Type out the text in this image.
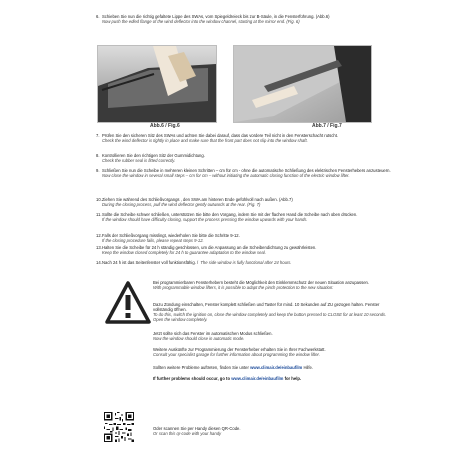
6. Schieben Sie nun die richtig gefaltete Lippe des SWAs, vom Spiegeldreieck bis zur B-Säule, in die Fensterführung. (Abb.6)
Now push the edled flange of the wind deflector into the window channel, starting at the mirror end. (Fig. 6)
Abb.6 / Fig.6	Abb.7 / Fig.7
7. Prüfen Sie den sicheren Sitz des SWAs und achten Sie dabei darauf, dass das vordere Teil nicht in den Fensterschacht rutscht.
Check the wind deflector is tightly in place and make sure that the front part does not slip into the window shaft.
8. Kontrollieren Sie den richtigen Sitz der Gummidichtung.
Check the rubber seal is fitted correctly.
9. Schließen Sie nun die Scheibe in mehreren kleinen Schritten – cm für cm - ohne die automatische Schließung des elektrischen Fensterhebers anzusteuern.
Now close the window in several small steps – cm for cm – without initiating the automatic closing function of the electric window lifter.
10. Ziehen Sie während des Schließvorgangs , den SWA am hinteren Ende gefühlvoll nach außen. (Abb.7)
During the closing process, pull the wind deflector gently outwards at the rear. (Fig. 7)
11. Sollte die Scheibe schwer schließen, unterstützen Sie bitte den Vorgang, indem Sie mit der flachen Hand die Scheibe nach oben drücken.
If the window should have difficulty closing, support the process pressing the window upwards with your hands.
12. Falls der Schließvorgang misslingt, wiederholen Sie bitte die Schritte 9-12.
If the closing procedure fails, please repeat steps 9-12.
13. Halten Sie die Scheibe für 24 h ständig geschlossen, um die Anpassung an die Scheibendichtung zu gewährleisten.
Keep the window closed completely for 24 h to guarantee adaptation to the window seal.
14. Nach 24 h ist das Seitenfenster voll funktionsfähig. / The side window is fully functional after 24 hours.
Bei programmierbaren Fensterhebern besteht die Möglichkeit den Einklemmschutz der neuen Situation anzupassen.
With programmable window lifters, it is possible to adapt the pinch protection to the new situation:
Dazu Zündung einschalten, Fenster komplett schließen und Taster für mind. 10 Sekunden auf ZU gezogen halten. Fenster vollständig öffnen.
To do this, switch the ignition on, close the window completely and keep the button pressed to CLOSE for at least 10 seconds. Open the window completely.
Jetzt sollte sich das Fenster im automatischen Modus schließen.
Now the window should close in automatic mode.
Weitere Auskünfte zur Programmierung der Fensterheber erhalten Sie in Ihrer Fachwerkstatt.
Consult your specialist garage for further information about programming the window lifter.
Sollten weitere Probleme auftreten, finden Sie unter www.climair.de/einbaufilm Hilfe.
If further problems should occur, go to www.climair.de/einbaufilm for help.
Oder scannen Sie per Handy diesen QR-Code.
Or scan this qr-code with your handy
